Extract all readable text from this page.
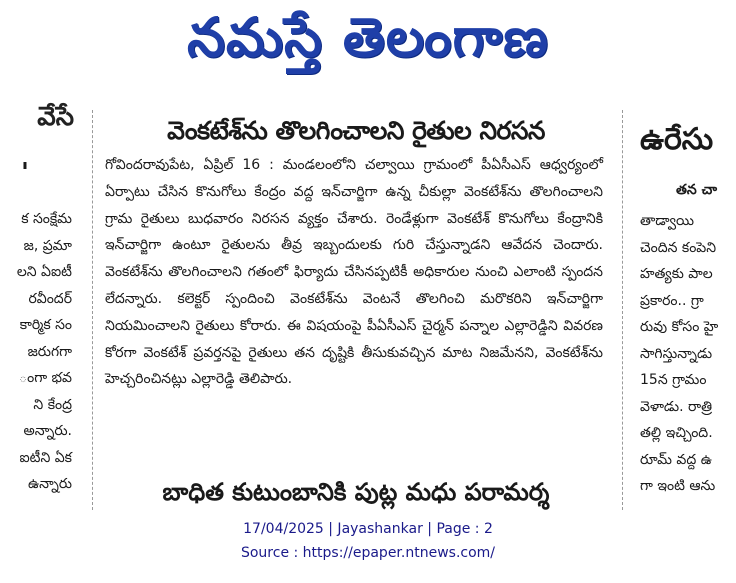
నమస్తే తెలంగాణ
వేసే
'
క సంక్షేమ
జ, ప్రమా
లని ఏఐటీ
రవీందర్
కార్మిక సం
జరుగగా
ంగా భవ
ని కేంద్ర
అన్నారు.
ఐటీని ఏక
ఉన్నారు
వెంకటేశ్‌ను తొలగించాలని రైతుల నిరసన
గోవిందరావుపేట, ఏప్రిల్ 16 : మండలంలోని చల్వాయి గ్రామంలో పీఏసీఎస్ ఆధ్వర్యంలో ఏర్పాటు చేసిన కొనుగోలు కేంద్రం వద్ద ఇన్‌చార్జిగా ఉన్న చీకుల్లా వెంకటేశ్‌ను తొలగించాలని గ్రామ రైతులు బుధవారం నిరసన వ్యక్తం చేశారు. రెండేళ్లుగా వెంకటేశ్ కొనుగోలు కేంద్రానికి ఇన్‌చార్జిగా ఉంటూ రైతులను తీవ్ర ఇబ్బందులకు గురి చేస్తున్నాడని ఆవేదన చెందారు. వెంకటేశ్‌ను తొలగించాలని గతంలో ఫిర్యాదు చేసినప్పటికీ అధికారుల నుంచి ఎలాంటి స్పందన లేదన్నారు. కలెక్టర్ స్పందించి వెంకటేశ్‌ను వెంటనే తొలగించి మరొకరిని ఇన్‌చార్జిగా నియమించాలని రైతులు కోరారు. ఈ విషయంపై పీఏసీఎస్ చైర్మన్ పన్నాల ఎల్లారెడ్డిని వివరణ కోరగా వెంకటేశ్ ప్రవర్తనపై రైతులు తన దృష్టికి తీసుకువచ్చిన మాట నిజమేనని, వెంకటేశ్‌ను హెచ్చరించినట్లు ఎల్లారెడ్డి తెలిపారు.
బాధిత కుటుంబానికి పుట్ల మధు పరామర్శ
ఉరేసు
తన చా
తాడ్వాయి
చెందిన కంపెని
హత్యకు పాల
ప్రకారం.. గ్రా
రువు కోసం హై
సాగిస్తున్నాడు
15న గ్రామం
వెళాడు. రాత్రి
తల్లి ఇచ్చింది.
రూమ్ వద్ద ఉ
గా ఇంటి ఆను
17/04/2025 | Jayashankar | Page : 2
Source : https://epaper.ntnews.com/
